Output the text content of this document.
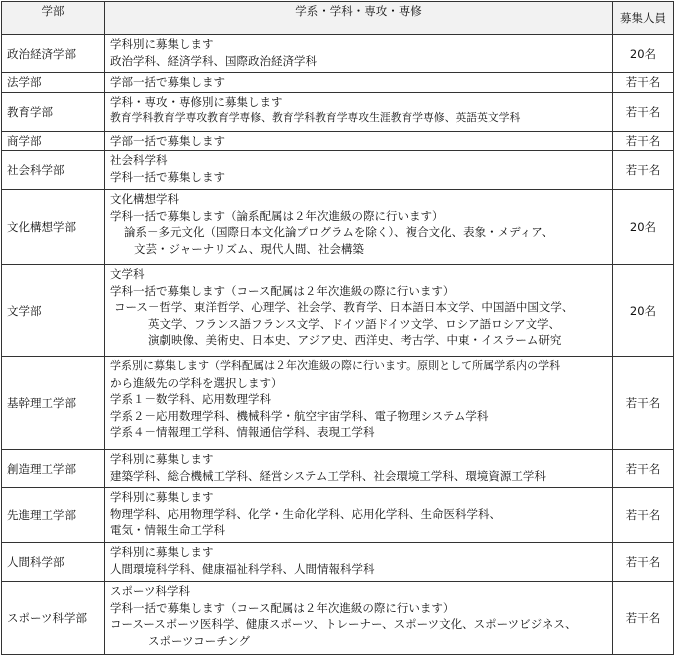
学部	学系・学科・専攻・専修	募集人員
政治経済学部	学科別に募集します
政治学科、経済学科、国際政治経済学科	20名
法学部	学部一括で募集します	若干名
教育学部	学科・専攻・専修別に募集します
教育学科教育学専攻教育学専修、教育学科教育学専攻生涯教育学専修、英語英文学科	若干名
商学部	学部一括で募集します	若干名
社会科学部	社会科学科
学科一括で募集します	若干名
文化構想学部	文化構想学科
学科一括で募集します（論系配属は２年次進級の際に行います）
論系－多元文化（国際日本文化論プログラムを除く）、複合文化、表象・メディア、
文芸・ジャーナリズム、現代人間、社会構築	20名
文学部	文学科
学科一括で募集します（コース配属は２年次進級の際に行います）
コース－哲学、東洋哲学、心理学、社会学、教育学、日本語日本文学、中国語中国文学、
英文学、フランス語フランス文学、ドイツ語ドイツ文学、ロシア語ロシア文学、
演劇映像、美術史、日本史、アジア史、西洋史、考古学、中東・イスラーム研究	20名
基幹理工学部	学系別に募集します（学科配属は２年次進級の際に行います。原則として所属学系内の学科
から進級先の学科を選択します）
学系１－数学科、応用数理学科
学系２－応用数理学科、機械科学・航空宇宙学科、電子物理システム学科
学系４－情報理工学科、情報通信学科、表現工学科	若干名
創造理工学部	学科別に募集します
建築学科、総合機械工学科、経営システム工学科、社会環境工学科、環境資源工学科	若干名
先進理工学部	学科別に募集します
物理学科、応用物理学科、化学・生命化学科、応用化学科、生命医科学科、
電気・情報生命工学科	若干名
人間科学部	学科別に募集します
人間環境科学科、健康福祉科学科、人間情報科学科	若干名
スポーツ科学部	スポーツ科学科
学科一括で募集します（コース配属は２年次進級の際に行います）
コースースポーツ医科学、健康スポーツ、トレーナー、スポーツ文化、スポーツビジネス、
スポーツコーチング	若干名
